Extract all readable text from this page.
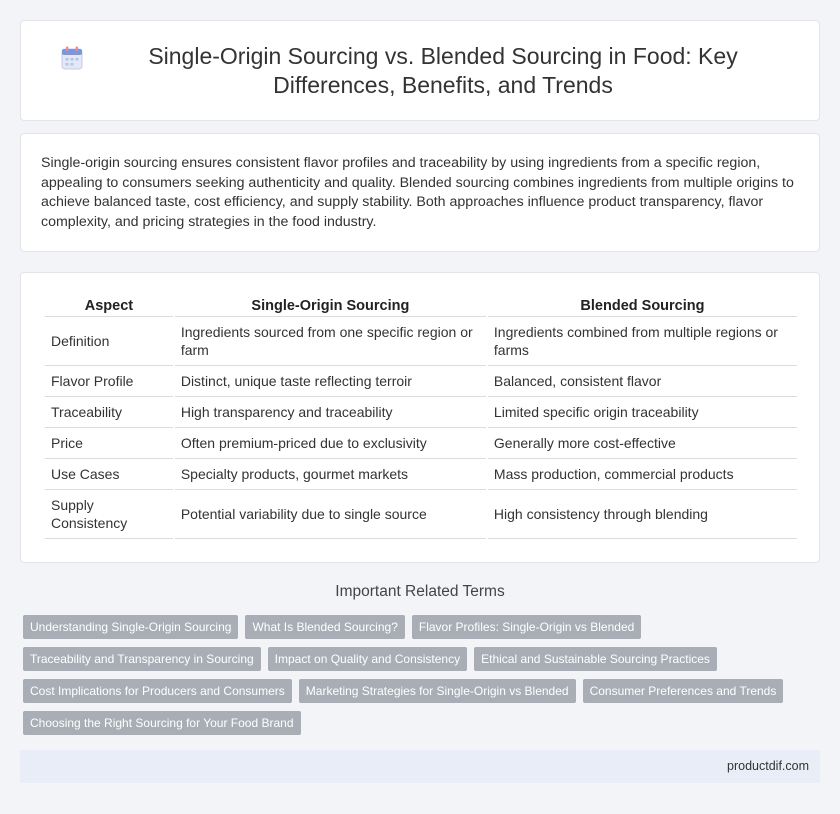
Single-Origin Sourcing vs. Blended Sourcing in Food: Key Differences, Benefits, and Trends

Single-origin sourcing ensures consistent flavor profiles and traceability by using ingredients from a specific region, appealing to consumers seeking authenticity and quality. Blended sourcing combines ingredients from multiple origins to achieve balanced taste, cost efficiency, and supply stability. Both approaches influence product transparency, flavor complexity, and pricing strategies in the food industry.

Aspect	Single-Origin Sourcing	Blended Sourcing
Definition	Ingredients sourced from one specific region or farm	Ingredients combined from multiple regions or farms
Flavor Profile	Distinct, unique taste reflecting terroir	Balanced, consistent flavor
Traceability	High transparency and traceability	Limited specific origin traceability
Price	Often premium-priced due to exclusivity	Generally more cost-effective
Use Cases	Specialty products, gourmet markets	Mass production, commercial products
Supply Consistency	Potential variability due to single source	High consistency through blending
Important Related Terms
Understanding Single-Origin Sourcing	What Is Blended Sourcing?	Flavor Profiles: Single-Origin vs Blended
Traceability and Transparency in Sourcing	Impact on Quality and Consistency	Ethical and Sustainable Sourcing Practices
Cost Implications for Producers and Consumers	Marketing Strategies for Single-Origin vs Blended	Consumer Preferences and Trends
Choosing the Right Sourcing for Your Food Brand
productdif.com
